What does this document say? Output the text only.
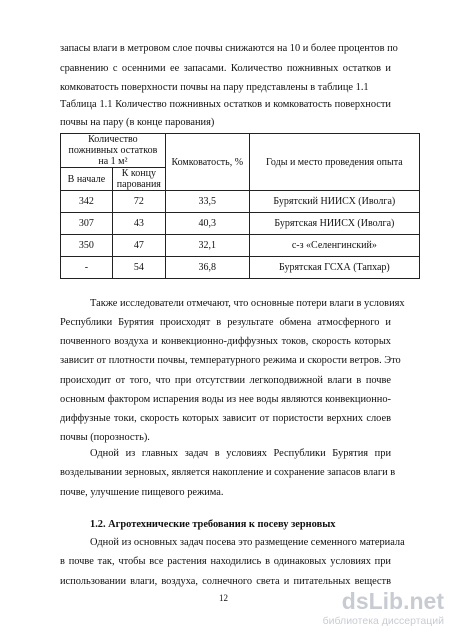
запасы влаги в метровом слое почвы снижаются на 10 и более процентов по
сравнению с осенними ее запасами. Количество пожнивных остатков и
комковатость поверхности почвы на пару представлены в таблице 1.1
Таблица 1.1 Количество пожнивных остатков и комковатость поверхности
почвы на пару (в конце парования)
Количество пожнивных остатков на 1 м²		Комковатость, %	Годы и место проведения опыта
В начале	К концу парования		
342	72	33,5	Бурятский НИИСХ (Иволга)
307	43	40,3	Бурятская НИИСХ (Иволга)
350	47	32,1	с-з «Селенгинский»
-	54	36,8	Бурятская ГСХА (Тапхар)
Также исследователи отмечают, что основные потери влаги в условиях
Республики Бурятия происходят в результате обмена атмосферного и
почвенного воздуха и конвекционно-диффузных токов, скорость которых
зависит от плотности почвы, температурного режима и скорости ветров. Это
происходит от того, что при отсутствии легкоподвижной влаги в почве
основным фактором испарения воды из нее воды являются конвекционно-
диффузные токи, скорость которых зависит от пористости верхних слоев
почвы (порозность).
Одной из главных задач в условиях Республики Бурятия при
возделывании зерновых, является накопление и сохранение запасов влаги в
почве, улучшение пищевого режима.
1.2. Агротехнические требования к посеву зерновых
Одной из основных задач посева это размещение семенного материала
в почве так, чтобы все растения находились в одинаковых условиях при
использовании влаги, воздуха, солнечного света и питательных веществ
12	dsLib.net
библиотека диссертаций
